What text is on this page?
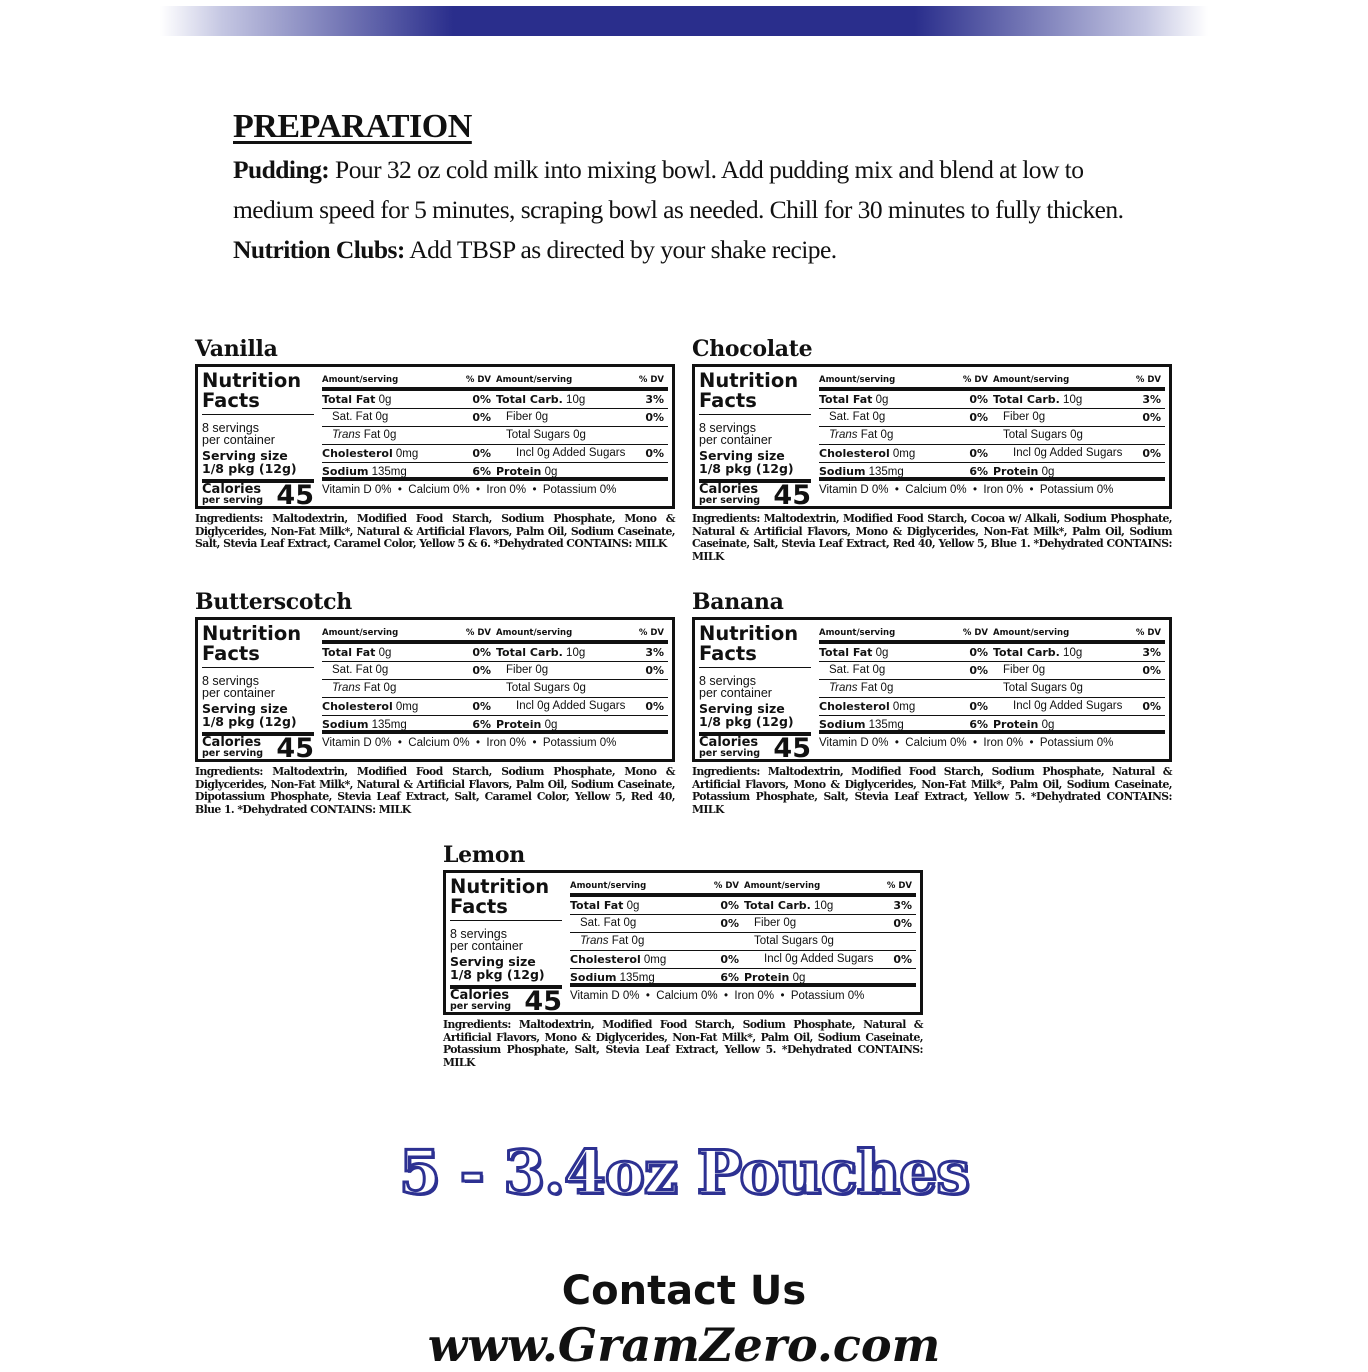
PREPARATION

Pudding: Pour 32 oz cold milk into mixing bowl. Add pudding mix and blend at low to medium speed for 5 minutes, scraping bowl as needed. Chill for 30 minutes to fully thicken. Nutrition Clubs: Add TBSP as directed by your shake recipe.

Vanilla
Nutrition
Facts
8 servings
per container
Serving size
1/8 pkg (12g)
Calories
per serving 45
Amount/serving	% DV Amount/serving	% DV
Total Fat 0g	0% Total Carb. 10g	3%
Sat. Fat 0g	0%	Fiber 0g	0%
Trans Fat 0g	Total Sugars 0g
Cholesterol 0mg	0%	Incl 0g Added Sugars 0%
Sodium 135mg	6% Protein 0g
Vitamin D 0%  •  Calcium 0%  •  Iron 0%  •  Potassium 0%
Ingredients: Maltodextrin, Modified Food Starch, Sodium Phosphate, Mono & Diglycerides, Non-Fat Milk*, Natural & Artificial Flavors, Palm Oil, Sodium Caseinate, Salt, Stevia Leaf Extract, Caramel Color, Yellow 5 & 6. *Dehydrated CONTAINS: MILK
Chocolate
Nutrition
Facts
8 servings
per container
Serving size
1/8 pkg (12g)
Calories
per serving 45
Amount/serving	% DV Amount/serving	% DV
Total Fat 0g	0% Total Carb. 10g	3%
Sat. Fat 0g	0%	Fiber 0g	0%
Trans Fat 0g	Total Sugars 0g
Cholesterol 0mg	0%	Incl 0g Added Sugars 0%
Sodium 135mg	6% Protein 0g
Vitamin D 0%  •  Calcium 0%  •  Iron 0%  •  Potassium 0%
Ingredients: Maltodextrin, Modified Food Starch, Cocoa w/ Alkali, Sodium Phosphate, Natural & Artificial Flavors, Mono & Diglycerides, Non-Fat Milk*, Palm Oil, Sodium Caseinate, Salt, Stevia Leaf Extract, Red 40, Yellow 5, Blue 1. *Dehydrated CONTAINS: MILK
Butterscotch
Nutrition
Facts
8 servings
per container
Serving size
1/8 pkg (12g)
Calories
per serving 45
Amount/serving	% DV Amount/serving	% DV
Total Fat 0g	0% Total Carb. 10g	3%
Sat. Fat 0g	0%	Fiber 0g	0%
Trans Fat 0g	Total Sugars 0g
Cholesterol 0mg	0%	Incl 0g Added Sugars 0%
Sodium 135mg	6% Protein 0g
Vitamin D 0%  •  Calcium 0%  •  Iron 0%  •  Potassium 0%
Ingredients: Maltodextrin, Modified Food Starch, Sodium Phosphate, Mono & Diglycerides, Non-Fat Milk*, Natural & Artificial Flavors, Palm Oil, Sodium Caseinate, Dipotassium Phosphate, Stevia Leaf Extract, Salt, Caramel Color, Yellow 5, Red 40, Blue 1. *Dehydrated CONTAINS: MILK
Banana
Nutrition
Facts
8 servings
per container
Serving size
1/8 pkg (12g)
Calories
per serving 45
Amount/serving	% DV Amount/serving	% DV
Total Fat 0g	0% Total Carb. 10g	3%
Sat. Fat 0g	0%	Fiber 0g	0%
Trans Fat 0g	Total Sugars 0g
Cholesterol 0mg	0%	Incl 0g Added Sugars 0%
Sodium 135mg	6% Protein 0g
Vitamin D 0%  •  Calcium 0%  •  Iron 0%  •  Potassium 0%
Ingredients: Maltodextrin, Modified Food Starch, Sodium Phosphate, Natural & Artificial Flavors, Mono & Diglycerides, Non-Fat Milk*, Palm Oil, Sodium Caseinate, Potassium Phosphate, Salt, Stevia Leaf Extract, Yellow 5. *Dehydrated CONTAINS: MILK
Lemon
Nutrition
Facts
8 servings
per container
Serving size
1/8 pkg (12g)
Calories
per serving 45
Amount/serving	% DV Amount/serving	% DV
Total Fat 0g	0% Total Carb. 10g	3%
Sat. Fat 0g	0%	Fiber 0g	0%
Trans Fat 0g	Total Sugars 0g
Cholesterol 0mg	0%	Incl 0g Added Sugars 0%
Sodium 135mg	6% Protein 0g
Vitamin D 0%  •  Calcium 0%  •  Iron 0%  •  Potassium 0%
Ingredients: Maltodextrin, Modified Food Starch, Sodium Phosphate, Natural & Artificial Flavors, Mono & Diglycerides, Non-Fat Milk*, Palm Oil, Sodium Caseinate, Potassium Phosphate, Salt, Stevia Leaf Extract, Yellow 5. *Dehydrated CONTAINS: MILK
5 - 3.4oz Pouches
Contact Us
www.GramZero.com
